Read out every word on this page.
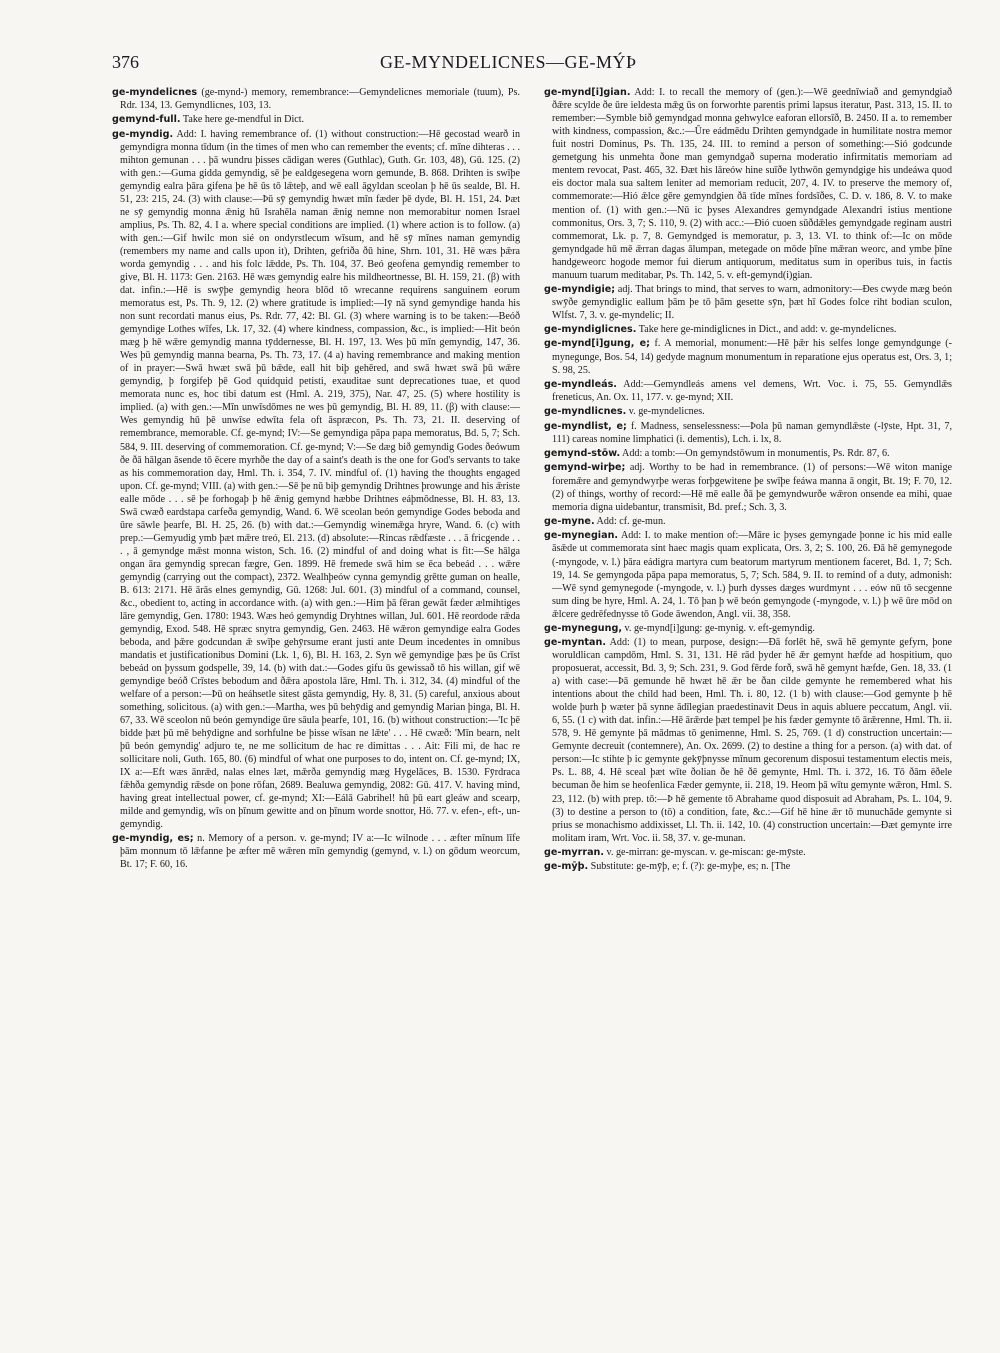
376	GE-MYNDELICNES—GE-MÝÞ

ge-myndelicnes (ge-mynd-) memory, remembrance:—Gemyndelicnes memoriale (tuum), Ps. Rdr. 134, 13. Gemyndlicnes, 103, 13.

gemynd-full. Take here ge-mendful in Dict.

ge-myndig. Add: I. having remembrance of. (1) without construction:—Hē gecostad wearð in gemyndigra monna tīdum (in the times of men who can remember the events; cf. mīne dihteras . . . mihton gemunan . . . þā wundru þisses cādigan weres (Guthlac), Guth. Gr. 103, 48), Gū. 125. (2) with gen.:—Guma gidda gemyndig, sē þe ealdgesegena worn gemunde, B. 868. Drihten is swīþe gemyndig ealra þāra gifena þe hē ūs tō lǣteþ, and wē eall āgyldan sceolan þ hē ūs sealde, Bl. H. 51, 23: 215, 24. (3) with clause:—Þū sȳ gemyndig hwæt mīn fæder þē dyde, Bl. H. 151, 24. Þæt ne sȳ gemyndig monna ǣnig hū Israhēla naman ǣnig nemne non memorabitur nomen Israel amplius, Ps. Th. 82, 4. I a. where special conditions are implied. (1) where action is to follow. (a) with gen.:—Gif hwilc mon sié on ondyrstlecum wīsum, and hē sȳ mīnes naman gemyndig (remembers my name and calls upon it), Drihten, gefriða ðū hine, Shrn. 101, 31. Hē wæs þǣra worda gemyndig . . . and his folc lǣdde, Ps. Th. 104, 37. Beó geofena gemyndig remember to give, Bl. H. 1173: Gen. 2163. Hē wæs gemyndig ealre his mildheortnesse, Bl. H. 159, 21. (β) with dat. infin.:—Hē is swȳþe gemyndig heora blōd tō wrecanne requirens sanguinem eorum memoratus est, Ps. Th. 9, 12. (2) where gratitude is implied:—Iȳ nā synd gemyndige handa his non sunt recordati manus eius, Ps. Rdr. 77, 42: Bl. Gl. (3) where warning is to be taken:—Beóð gemyndige Lothes wīfes, Lk. 17, 32. (4) where kindness, compassion, &c., is implied:—Hit beón mæg þ hē wǣre gemyndig manna tȳddernesse, Bl. H. 197, 13. Wes þū mīn gemyndig, 147, 36. Wes þū gemyndig manna bearna, Ps. Th. 73, 17. (4 a) having remembrance and making mention of in prayer:—Swā hwæt swā þū bǣde, eall hit biþ gehēred, and swā hwæt swā þū wǣre gemyndig, þ forgifeþ þē God quidquid petisti, exauditae sunt deprecationes tuae, et quod memorata nunc es, hoc tibi datum est (Hml. A. 219, 375), Nar. 47, 25. (5) where hostility is implied. (a) with gen.:—Mīn unwīsdōmes ne wes þū gemyndig, Bl. H. 89, 11. (β) with clause:—Wes gemyndig hū þē unwīse edwīta fela oft āspræcon, Ps. Th. 73, 21. II. deserving of remembrance, memorable. Cf. ge-mynd; IV:—Se gemyndiga pāpa papa memoratus, Bd. 5, 7; Sch. 584, 9. III. deserving of commemoration. Cf. ge-mynd; V:—Se dæg bið gemyndig Godes ðeówum ðe ðā hālgan āsende tō ēcere myrhðe the day of a saint's death is the one for God's servants to take as his commemoration day, Hml. Th. i. 354, 7. IV. mindful of. (1) having the thoughts engaged upon. Cf. ge-mynd; VIII. (a) with gen.:—Sē þe nū biþ gemyndig Drihtnes þrowunge and his ǣriste ealle mōde . . . sē þe forhogaþ þ hē ǣnig gemynd hæbbe Drihtnes eáþmōdnesse, Bl. H. 83, 13. Swā cwæð eardstapa carfeða gemyndig, Wand. 6. Wē sceolan beón gemyndige Godes beboda and ūre sāwle þearfe, Bl. H. 25, 26. (b) with dat.:—Gemyndig winemǣga hryre, Wand. 6. (c) with prep.:—Gemyudig ymb þæt mǣre treó, El. 213. (d) absolute:—Rincas rǣdfæste . . . ā fricgende . . . , ā gemyndge mǣst monna wiston, Sch. 16. (2) mindful of and doing what is fit:—Se hālga ongan āra gemyndig sprecan fægre, Gen. 1899. Hē fremede swā him se ēca bebeád . . . wǣre gemyndig (carrying out the compact), 2372. Wealhþeów cynna gemyndig grētte guman on healle, B. 613: 2171. Hē ārās elnes gemyndig, Gū. 1268: Jul. 601. (3) mindful of a command, counsel, &c., obedient to, acting in accordance with. (a) with gen.:—Him þā fēran gewāt fæder ælmihtiges lāre gemyndig, Gen. 1780: 1943. Wæs heó gemyndig Dryhtnes willan, Jul. 601. Hē reordode rǣda gemyndig, Exod. 548. Hē spræc snytra gemyndig, Gen. 2463. Hē wǣron gemyndige ealra Godes beboda, and þǣre godcundan ǣ swīþe gehȳrsume erant justi ante Deum incedentes in omnibus mandatis et justificationibus Domini (Lk. 1, 6), Bl. H. 163, 2. Syn wē gemyndige þæs þe ūs Crīst bebeád on þyssum godspelle, 39, 14. (b) with dat.:—Godes gifu ūs gewissað tō his willan, gif wē gemyndige beóð Crīstes bebodum and ðǣra apostola lāre, Hml. Th. i. 312, 34. (4) mindful of the welfare of a person:—Þū on heáhsetle sitest gāsta gemyndig, Hy. 8, 31. (5) careful, anxious about something, solicitous. (a) with gen.:—Martha, wes þū behȳdig and gemyndig Marian þinga, Bl. H. 67, 33. Wē sceolon nū beón gemyndige ūre sāula þearfe, 101, 16. (b) without construction:—'Ic þē bidde þæt þū mē behȳdigne and sorhfulne be þisse wīsan ne lǣte' . . . Hē cwæð: 'Mīn bearn, nelt þū beón gemyndig' adjuro te, ne me sollicitum de hac re dimittas . . . Ait: Fili mi, de hac re sollicitare noli, Guth. 165, 80. (6) mindful of what one purposes to do, intent on. Cf. ge-mynd; IX, IX a:—Eft wæs ānrǣd, nalas elnes læt, mǣrða gemyndig mæg Hygelāces, B. 1530. Fȳrdraca fǣhða gemyndig rǣsde on þone rōfan, 2689. Bealuwa gemyndig, 2082: Gū. 417. V. having mind, having great intellectual power, cf. ge-mynd; XI:—Eálā Gabrihel! hū þū eart gleáw and scearp, milde and gemyndig, wīs on þīnum gewitte and on þīnum worde snottor, Hö. 77. v. efen-, eft-, un-gemyndig.

ge-myndig, es; n. Memory of a person. v. ge-mynd; IV a:—Ic wilnode . . . æfter mīnum līfe þām monnum tō lǣfanne þe æfter mē wǣren mīn gemyndig (gemynd, v. l.) on gōdum weorcum, Bt. 17; F. 60, 16.

ge-mynd[i]gian. Add: I. to recall the memory of (gen.):—Wē geednīwiað and gemyndgiað ðǣre scylde ðe ūre ieldesta mǣg ūs on forworhte parentis primi lapsus iteratur, Past. 313, 15. II. to remember:—Symble bið gemyndgad monna gehwylce eaforan ellorsīð, B. 2450. II a. to remember with kindness, compassion, &c.:—Ūre eádmēdu Drihten gemyndgade in humilitate nostra memor fuit nostri Dominus, Ps. Th. 135, 24. III. to remind a person of something:—Sió godcunde gemetgung his unmehta ðone man gemyndgað superna moderatio infirmitatis memoriam ad mentem revocat, Past. 465, 32. Ðæt his lāreów hine suīðe lythwōn gemyndgige his undeáwa quod eis doctor mala sua saltem leniter ad memoriam reducit, 207, 4. IV. to preserve the memory of, commemorate:—Hió ǣlce gēre gemyndgien ðā tīde mīnes fordsīðes, C. D. v. 186, 8. V. to make mention of. (1) with gen.:—Nū ic þyses Alexandres gemyndgade Alexandri istius mentione commonitus, Ors. 3, 7; S. 110, 9. (2) with acc.:—Ðió cuoen sūðdǣles gemyndgade reginam austri commemorat, Lk. p. 7, 8. Gemyndged is memoratur, p. 3, 13. VI. to think of:—Ic on mōde gemyndgade hū mē ǣrran dagas ālumpan, metegade on mōde þīne mǣran weorc, and ymbe þīne handgeweorc hogode memor fui dierum antiquorum, meditatus sum in operibus tuis, in factis manuum tuarum meditabar, Ps. Th. 142, 5. v. eft-gemynd(i)gian.

ge-myndigie; adj. That brings to mind, that serves to warn, admonitory:—Ðes cwyde mæg beón swȳðe gemyndiglic eallum þām þe tō þām gesette sȳn, þæt hī Godes folce riht bodian sculon, Wlfst. 7, 3. v. ge-myndelic; II.

ge-myndiglicnes. Take here ge-mindiglicnes in Dict., and add: v. ge-myndelicnes.

ge-mynd[i]gung, e; f. A memorial, monument:—Hē þǣr his selfes longe gemyndgunge (-mynegunge, Bos. 54, 14) gedyde magnum monumentum in reparatione ejus operatus est, Ors. 3, 1; S. 98, 25.

ge-myndleás. Add:—Gemyndleás amens vel demens, Wrt. Voc. i. 75, 55. Gemyndlǣs freneticus, An. Ox. 11, 177. v. ge-mynd; XII.

ge-myndlicnes. v. ge-myndelicnes.

ge-myndlist, e; f. Madness, senselessness:—Þola þū naman gemyndlǣste (-lȳste, Hpt. 31, 7, 111) careas nomine limphatici (i. dementis), Lch. i. lx, 8.

gemynd-stōw. Add: a tomb:—On gemyndstōwum in monumentis, Ps. Rdr. 87, 6.

gemynd-wirþe; adj. Worthy to be had in remembrance. (1) of persons:—Wē witon manige foremǣre and gemyndwyrþe weras forþgewitene þe swīþe feáwa manna ā ongit, Bt. 19; F. 70, 12. (2) of things, worthy of record:—Hē mē ealle ðā þe gemyndwurðe wǣron onsende ea mihi, quae memoria digna uidebantur, transmisit, Bd. pref.; Sch. 3, 3.

ge-myne. Add: cf. ge-mun.

ge-mynegian. Add: I. to make mention of:—Māre ic þyses gemyngade þonne ic his mid ealle āsǣde ut commemorata sint haec magis quam explicata, Ors. 3, 2; S. 100, 26. Ðā hē gemynegode (-myngode, v. l.) þāra eádigra martyra cum beatorum martyrum mentionem faceret, Bd. 1, 7; Sch. 19, 14. Se gemyngoda pāpa papa memoratus, 5, 7; Sch. 584, 9. II. to remind of a duty, admonish:—Wē synd gemynegode (-myngode, v. l.) þurh dysses dæges wurdmynt . . . eów nū tō secgenne sum ding be hyre, Hml. A. 24, 1. Tō þan þ wē beón gemyngode (-myngode, v. l.) þ wē ūre mōd on ǣlcere gedrēfednysse tō Gode āwendon, Angl. vii. 38, 358.

ge-mynegung, v. ge-mynd[i]gung: ge-mynig. v. eft-gemyndig.

ge-myntan. Add: (1) to mean, purpose, design:—Ðā forlēt hē, swā hē gemynte gefyrn, þone woruldlican campdōm, Hml. S. 31, 131. Hē rād þyder hē ǣr gemynt hæfde ad hospitium, quo proposuerat, accessit, Bd. 3, 9; Sch. 231, 9. God fērde forð, swā hē gemynt hæfde, Gen. 18, 33. (1 a) with case:—Þā gemunde hē hwæt hē ǣr be ðan cilde gemynte he remembered what his intentions about the child had been, Hml. Th. i. 80, 12. (1 b) with clause:—God gemynte þ hē wolde þurh þ wæter þā synne ādīlegian praedestinavit Deus in aquis abluere peccatum, Angl. vii. 6, 55. (1 c) with dat. infin.:—Hē ārǣrde þæt tempel þe his fæder gemynte tō ārǣrenne, Hml. Th. ii. 578, 9. Hē gemynte þā mādmas tō genimenne, Hml. S. 25, 769. (1 d) construction uncertain:—Gemynte decreuit (contemnere), An. Ox. 2699. (2) to destine a thing for a person. (a) with dat. of person:—Ic stihte þ ic gemynte gekȳþnysse mīnum gecorenum disposui testamentum electis meis, Ps. L. 88, 4. Hē sceal þæt wīte ðolian ðe hē ðē gemynte, Hml. Th. i. 372, 16. Tō ðām ēðele becuman ðe him se heofenlica Fæder gemynte, ii. 218, 19. Heom þā wītu gemynte wǣron, Hml. S. 23, 112. (b) with prep. tō:—Þ hē gemente tō Abrahame quod disposuit ad Abraham, Ps. L. 104, 9. (3) to destine a person to (tō) a condition, fate, &c.:—Gif hē hine ǣr tō munuchāde gemynte si prius se monachismo addixisset, Ll. Th. ii. 142, 10. (4) construction uncertain:—Ðæt gemynte irre molitam iram, Wrt. Voc. ii. 58, 37. v. ge-munan.

ge-myrran. v. ge-mirran: ge-myscan. v. ge-miscan: ge-mȳste.

ge-mȳþ. Substitute: ge-mȳþ, e; f. (?): ge-myþe, es; n. [The
